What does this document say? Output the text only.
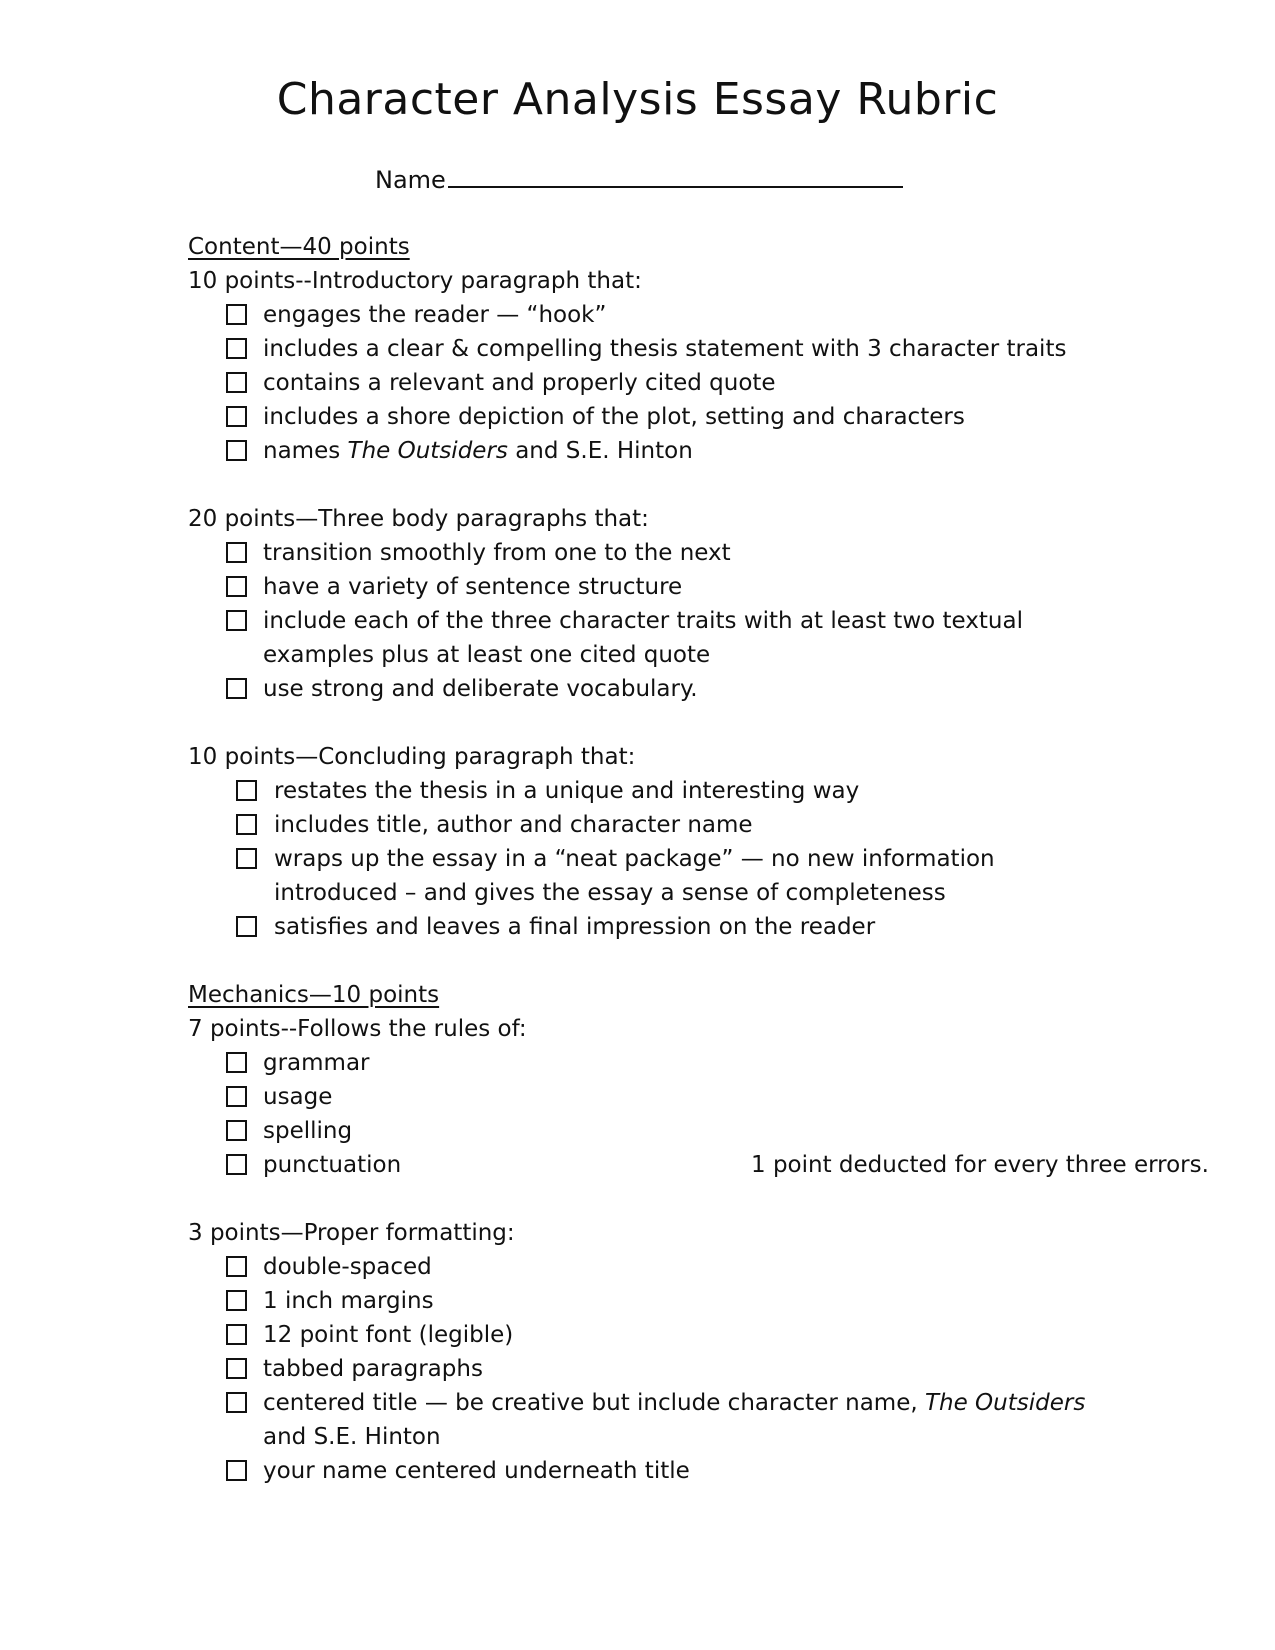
Character Analysis Essay Rubric
Name
Content—40 points
10 points--Introductory paragraph that:
engages the reader — “hook”
includes a clear & compelling thesis statement with 3 character traits
contains a relevant and properly cited quote
includes a shore depiction of the plot, setting and characters
names The Outsiders and S.E. Hinton
20 points—Three body paragraphs that:
transition smoothly from one to the next
have a variety of sentence structure
include each of the three character traits with at least two textual examples plus at least one cited quote
use strong and deliberate vocabulary.
10 points—Concluding paragraph that:
restates the thesis in a unique and interesting way
includes title, author and character name
wraps up the essay in a “neat package” — no new information introduced – and gives the essay a sense of completeness
satisfies and leaves a final impression on the reader
Mechanics—10 points
7 points--Follows the rules of:
grammar
usage
spelling
punctuation	1 point deducted for every three errors.
3 points—Proper formatting:
double-spaced
1 inch margins
12 point font (legible)
tabbed paragraphs
centered title — be creative but include character name, The Outsiders and S.E. Hinton
your name centered underneath title
